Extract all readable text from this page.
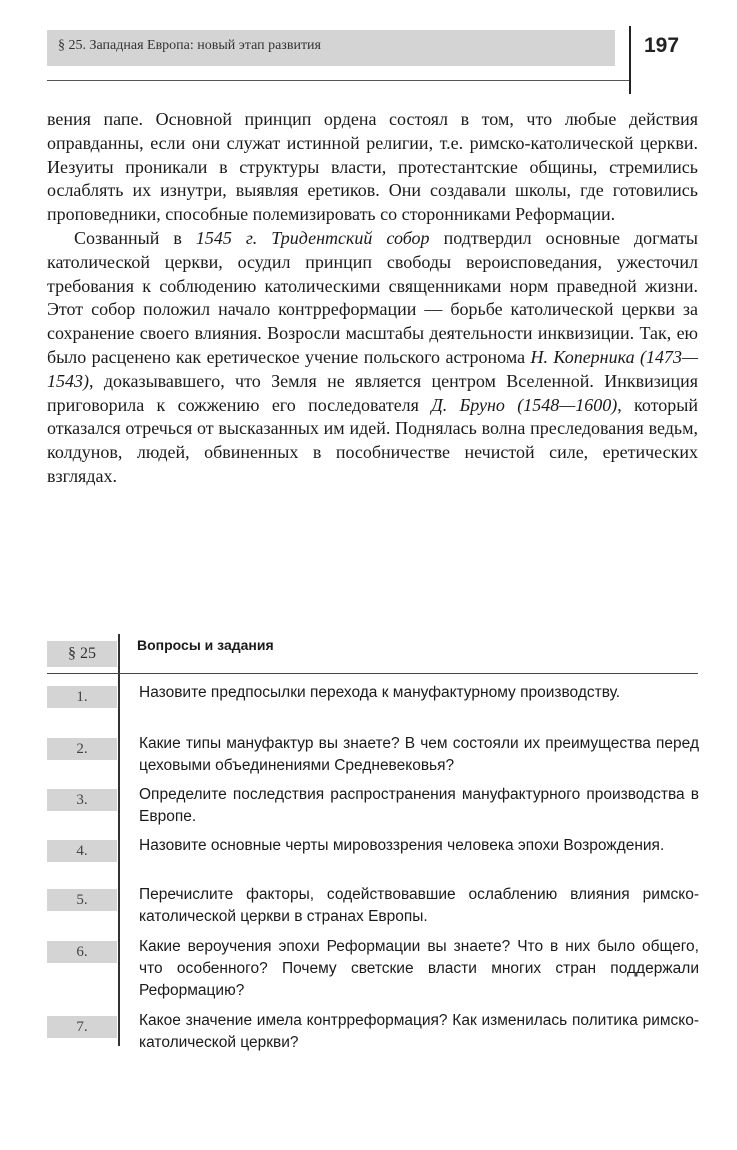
§ 25. Западная Европа: новый этап развития	197

вения папе. Основной принцип ордена состоял в том, что любые действия оправданны, если они служат истинной религии, т.е. римско-католической церкви. Иезуиты проникали в структуры власти, протестантские общины, стремились ослаблять их изнутри, выявляя еретиков. Они создавали школы, где готовились проповедники, способные полемизировать со сторонниками Реформации.

Созванный в 1545 г. Тридентский собор подтвердил основные догматы католической церкви, осудил принцип свободы вероисповедания, ужесточил требования к соблюдению католическими священниками норм праведной жизни. Этот собор положил начало контрреформации — борьбе католической церкви за сохранение своего влияния. Возросли масштабы деятельности инквизиции. Так, ею было расценено как еретическое учение польского астронома Н. Коперника (1473—1543), доказывавшего, что Земля не является центром Вселенной. Инквизиция приговорила к сожжению его последователя Д. Бруно (1548—1600), который отказался отречься от высказанных им идей. Поднялась волна преследования ведьм, колдунов, людей, обвиненных в пособничестве нечистой силе, еретических взглядах.

§ 25	Вопросы и задания
1.	Назовите предпосылки перехода к мануфактурному производству.
2.	Какие типы мануфактур вы знаете? В чем состояли их преимущества перед цеховыми объединениями Средневековья?
3.	Определите последствия распространения мануфактурного производства в Европе.
4.	Назовите основные черты мировоззрения человека эпохи Возрождения.
5.	Перечислите факторы, содействовавшие ослаблению влияния римско-католической церкви в странах Европы.
6.	Какие вероучения эпохи Реформации вы знаете? Что в них было общего, что особенного? Почему светские власти многих стран поддержали Реформацию?
7.	Какое значение имела контрреформация? Как изменилась политика римско-католической церкви?
